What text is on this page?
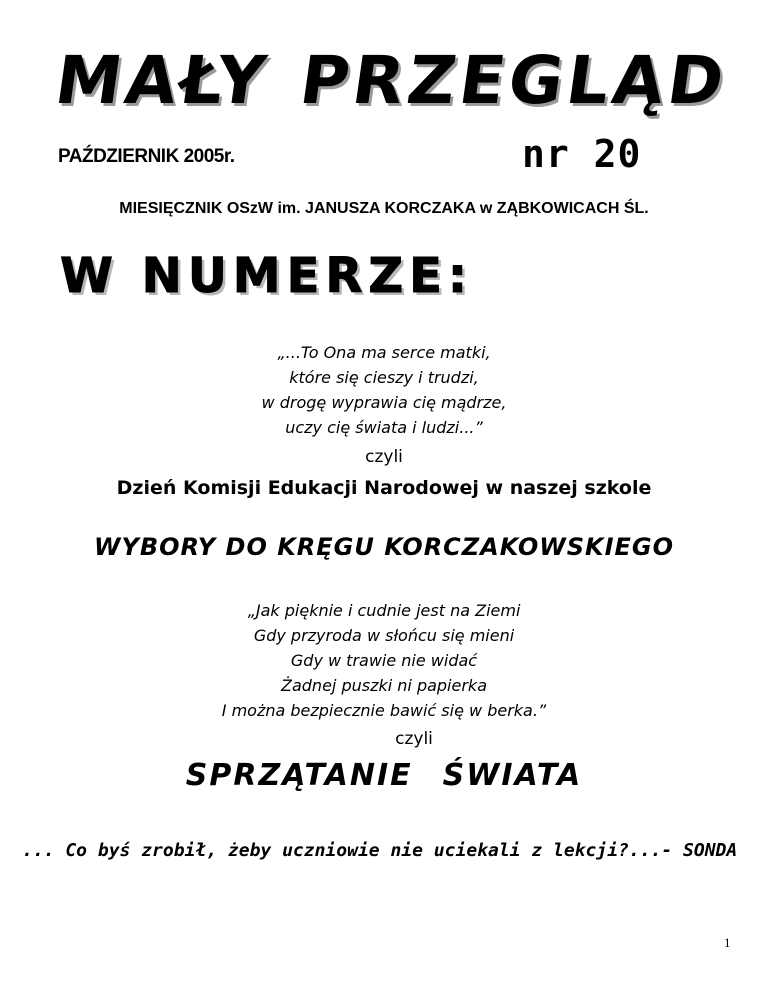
MAŁY PRZEGLĄD
PAŹDZIERNIK 2005r.	nr 20
MIESIĘCZNIK OSzW im. JANUSZA KORCZAKA w ZĄBKOWICACH ŚL.
W NUMERZE:
„...To Ona ma serce matki,
które się cieszy i trudzi,
w drogę wyprawia cię mądrze,
uczy cię świata i ludzi...”
czyli
Dzień Komisji Edukacji Narodowej w naszej szkole
WYBORY DO KRĘGU KORCZAKOWSKIEGO
„Jak pięknie i cudnie jest na Ziemi
Gdy przyroda w słońcu się mieni
Gdy w trawie nie widać
Żadnej puszki ni papierka
I można bezpiecznie bawić się w berka.”
czyli
SPRZĄTANIE ŚWIATA
... Co byś zrobił, żeby uczniowie nie uciekali z lekcji?...- SONDA
1
